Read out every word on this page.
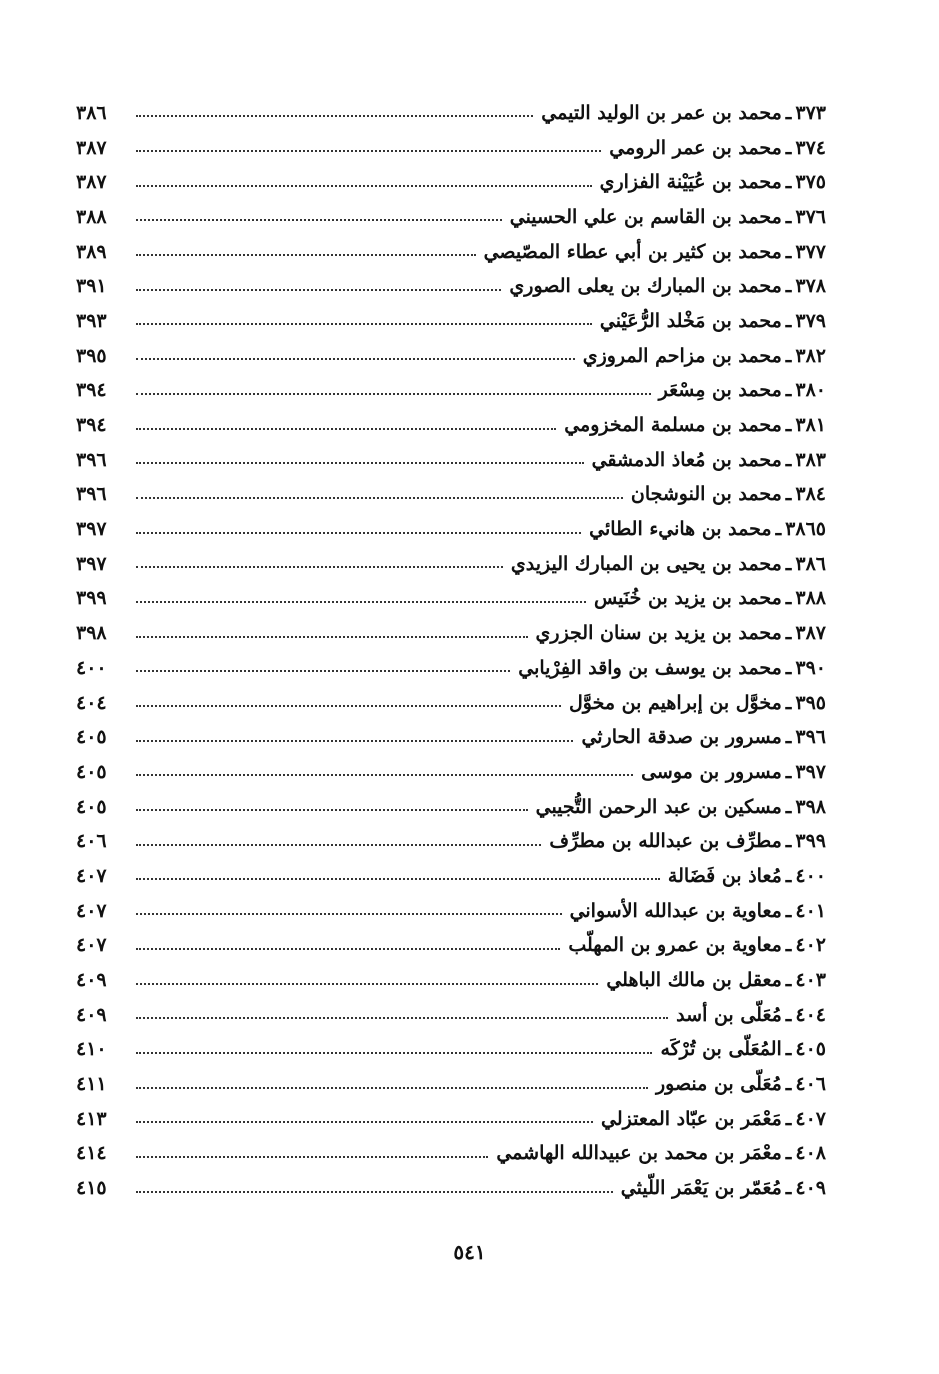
٣٧٣
ـ
محمد بن عمر بن الوليد التيمي
٣٨٦
٣٧٤
ـ
محمد بن عمر الرومي
٣٨٧
٣٧٥
ـ
محمد بن عُيَيْنة الفزاري
٣٨٧
٣٧٦
ـ
محمد بن القاسم بن علي الحسيني
٣٨٨
٣٧٧
ـ
محمد بن كثير بن أبي عطاء المصّيصي
٣٨٩
٣٧٨
ـ
محمد بن المبارك بن يعلى الصوري
٣٩١
٣٧٩
ـ
محمد بن مَخْلد الرُّعَيْني
٣٩٣
٣٨٢
ـ
محمد بن مزاحم المروزي
٣٩٥
٣٨٠
ـ
محمد بن مِسْعَر
٣٩٤
٣٨١
ـ
محمد بن مسلمة المخزومي
٣٩٤
٣٨٣
ـ
محمد بن مُعاذ الدمشقي
٣٩٦
٣٨٤
ـ
محمد بن النوشجان
٣٩٦
٣٨٦٥
ـ
محمد بن هانيء الطائي
٣٩٧
٣٨٦
ـ
محمد بن يحيى بن المبارك اليزيدي
٣٩٧
٣٨٨
ـ
محمد بن يزيد بن خُنَيس
٣٩٩
٣٨٧
ـ
محمد بن يزيد بن سنان الجزري
٣٩٨
٣٩٠
ـ
محمد بن يوسف بن واقد الفِرْيابي
٤٠٠
٣٩٥
ـ
مخوَّل بن إبراهيم بن مخوَّل
٤٠٤
٣٩٦
ـ
مسرور بن صدقة الحارثي
٤٠٥
٣٩٧
ـ
مسرور بن موسى
٤٠٥
٣٩٨
ـ
مسكين بن عبد الرحمن التُّجيبي
٤٠٥
٣٩٩
ـ
مطرِّف بن عبدالله بن مطرِّف
٤٠٦
٤٠٠
ـ
مُعاذ بن فَضَالة
٤٠٧
٤٠١
ـ
معاوية بن عبدالله الأسواني
٤٠٧
٤٠٢
ـ
معاوية بن عمرو بن المهلّب
٤٠٧
٤٠٣
ـ
معقل بن مالك الباهلي
٤٠٩
٤٠٤
ـ
مُعَلّى بن أسد
٤٠٩
٤٠٥
ـ
المُعَلّى بن تُرْكَه
٤١٠
٤٠٦
ـ
مُعَلّى بن منصور
٤١١
٤٠٧
ـ
مَعْمَر بن عبّاد المعتزلي
٤١٣
٤٠٨
ـ
معْمَر بن محمد بن عبيدالله الهاشمي
٤١٤
٤٠٩
ـ
مُعَمّر بن يَعْمَر اللّيثي
٤١٥
٥٤١
